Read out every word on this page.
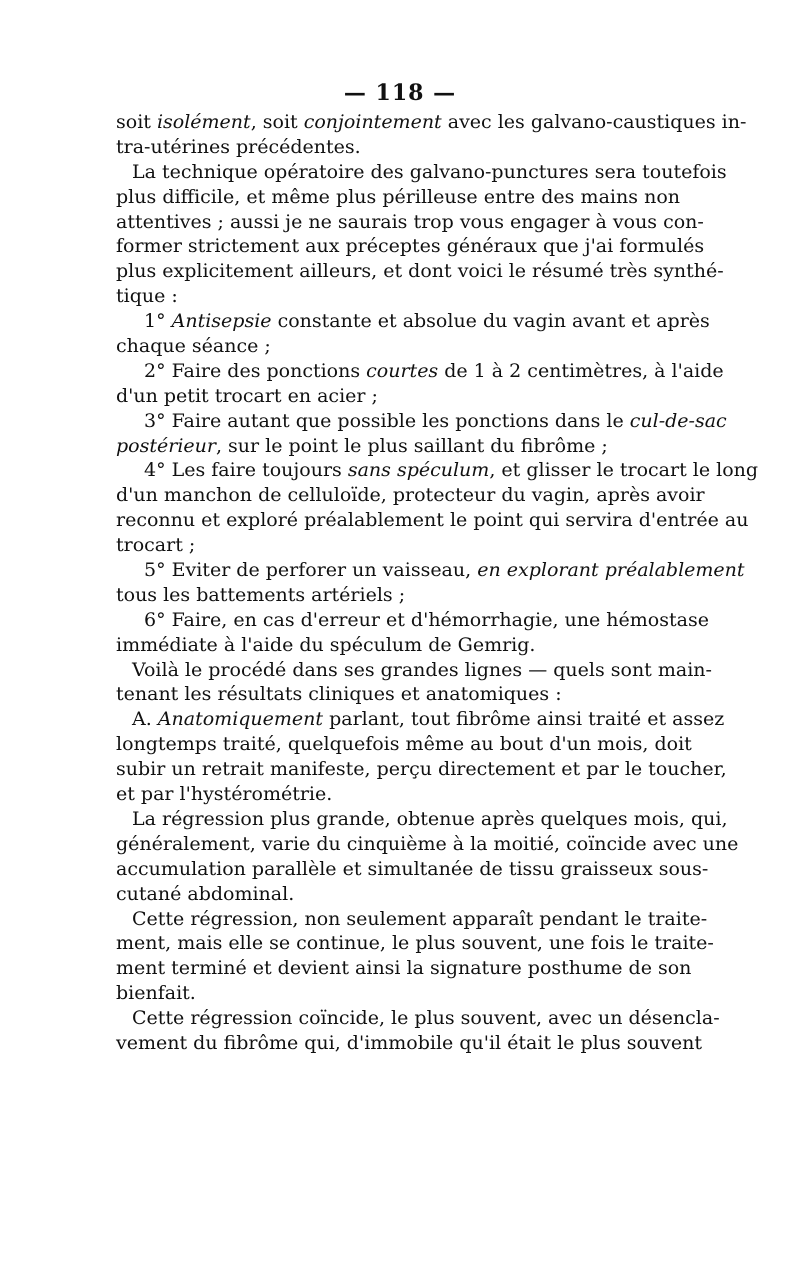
— 118 —
soit isolément, soit conjointement avec les galvano-caustiques in-
tra-utérines précédentes.
La technique opératoire des galvano-punctures sera toutefois
plus difficile, et même plus périlleuse entre des mains non
attentives ; aussi je ne saurais trop vous engager à vous con-
former strictement aux préceptes généraux que j'ai formulés
plus explicitement ailleurs, et dont voici le résumé très synthé-
tique :
1° Antisepsie constante et absolue du vagin avant et après
chaque séance ;
2° Faire des ponctions courtes de 1 à 2 centimètres, à l'aide
d'un petit trocart en acier ;
3° Faire autant que possible les ponctions dans le cul-de-sac
postérieur, sur le point le plus saillant du fibrôme ;
4° Les faire toujours sans spéculum, et glisser le trocart le long
d'un manchon de celluloïde, protecteur du vagin, après avoir
reconnu et exploré préalablement le point qui servira d'entrée au
trocart ;
5° Eviter de perforer un vaisseau, en explorant préalablement
tous les battements artériels ;
6° Faire, en cas d'erreur et d'hémorrhagie, une hémostase
immédiate à l'aide du spéculum de Gemrig.
Voilà le procédé dans ses grandes lignes — quels sont main-
tenant les résultats cliniques et anatomiques :
A. Anatomiquement parlant, tout fibrôme ainsi traité et assez
longtemps traité, quelquefois même au bout d'un mois, doit
subir un retrait manifeste, perçu directement et par le toucher,
et par l'hystérométrie.
La régression plus grande, obtenue après quelques mois, qui,
généralement, varie du cinquième à la moitié, coïncide avec une
accumulation parallèle et simultanée de tissu graisseux sous-
cutané abdominal.
Cette régression, non seulement apparaît pendant le traite-
ment, mais elle se continue, le plus souvent, une fois le traite-
ment terminé et devient ainsi la signature posthume de son
bienfait.
Cette régression coïncide, le plus souvent, avec un désencla-
vement du fibrôme qui, d'immobile qu'il était le plus souvent
